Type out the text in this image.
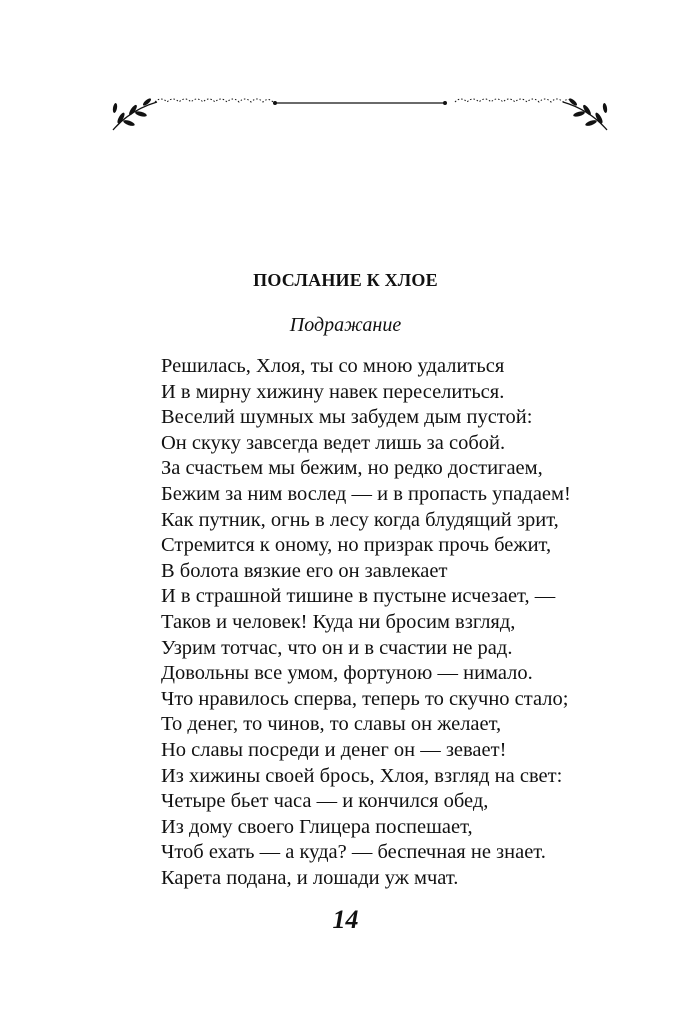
ПОСЛАНИЕ К ХЛОЕ
Подражание
Решилась, Хлоя, ты со мною удалиться
И в мирну хижину навек переселиться.
Веселий шумных мы забудем дым пустой:
Он скуку завсегда ведет лишь за собой.
За счастьем мы бежим, но редко достигаем,
Бежим за ним вослед — и в пропасть упадаем!
Как путник, огнь в лесу когда блудящий зрит,
Стремится к оному, но призрак прочь бежит,
В болота вязкие его он завлекает
И в страшной тишине в пустыне исчезает, —
Таков и человек! Куда ни бросим взгляд,
Узрим тотчас, что он и в счастии не рад.
Довольны все умом, фортуною — нимало.
Что нравилось сперва, теперь то скучно стало;
То денег, то чинов, то славы он желает,
Но славы посреди и денег он — зевает!
Из хижины своей брось, Хлоя, взгляд на свет:
Четыре бьет часа — и кончился обед,
Из дому своего Глицера поспешает,
Чтоб ехать — а куда? — беспечная не знает.
Карета подана, и лошади уж мчат.
14
